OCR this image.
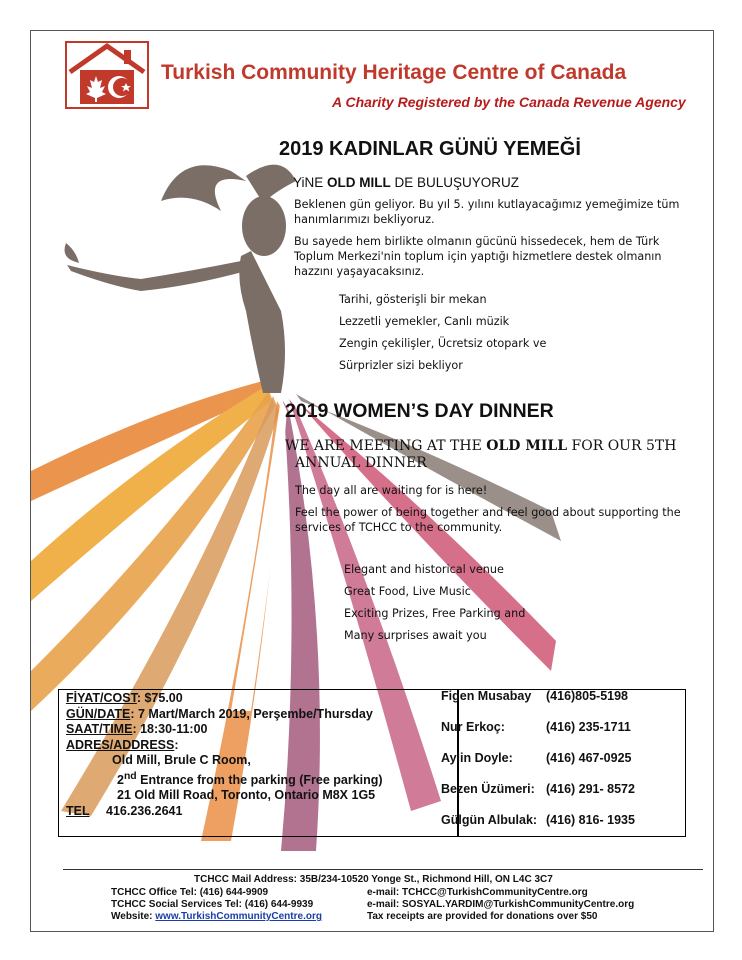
Turkish Community Heritage Centre of Canada
A Charity Registered by the Canada Revenue Agency
2019 KADINLAR GÜNÜ YEMEĞİ
YiNE OLD MILL DE BULUŞUYORUZ
Beklenen gün geliyor. Bu yıl 5. yılını kutlayacağımız yemeğimize tüm hanımlarımızı bekliyoruz.
Bu sayede hem birlikte olmanın gücünü hissedecek, hem de Türk Toplum Merkezi'nin toplum için yaptığı hizmetlere destek olmanın hazzını yaşayacaksınız.
Tarihi, gösterişli bir mekan
Lezzetli yemekler, Canlı müzik
Zengin çekilişler, Ücretsiz otopark ve
Sürprizler sizi bekliyor
2019 WOMEN’S DAY DINNER
WE ARE MEETING AT THE OLD MILL FOR OUR 5TH
ANNUAL DINNER
The day all are waiting for is here!
Feel the power of being together and feel good about supporting the services of TCHCC to the community.
Elegant and historical venue
Great Food, Live Music
Exciting Prizes, Free Parking and
Many surprises await you
FİYAT/COST: $75.00
GÜN/DATE: 7 Mart/March 2019, Perşembe/Thursday
SAAT/TIME: 18:30-11:00
ADRES/ADDRESS:
Old Mill, Brule C Room,
2nd Entrance from the parking (Free parking)
21 Old Mill Road, Toronto, Ontario M8X 1G5
TEL 416.236.2641
Figen Musabay (416)805-5198
Nur Erkoç:	(416) 235-1711
Aylin Doyle:	(416) 467-0925
Bezen Üzümeri: (416) 291- 8572
Gülgün Albulak: (416) 816- 1935
TCHCC Mail Address: 35B/234-10520 Yonge St., Richmond Hill, ON L4C 3C7
TCHCC Office Tel: (416) 644-9909
TCHCC Social Services Tel: (416) 644-9939
Website: www.TurkishCommunityCentre.org
e-mail: TCHCC@TurkishCommunityCentre.org
e-mail: SOSYAL.YARDIM@TurkishCommunityCentre.org
Tax receipts are provided for donations over $50
